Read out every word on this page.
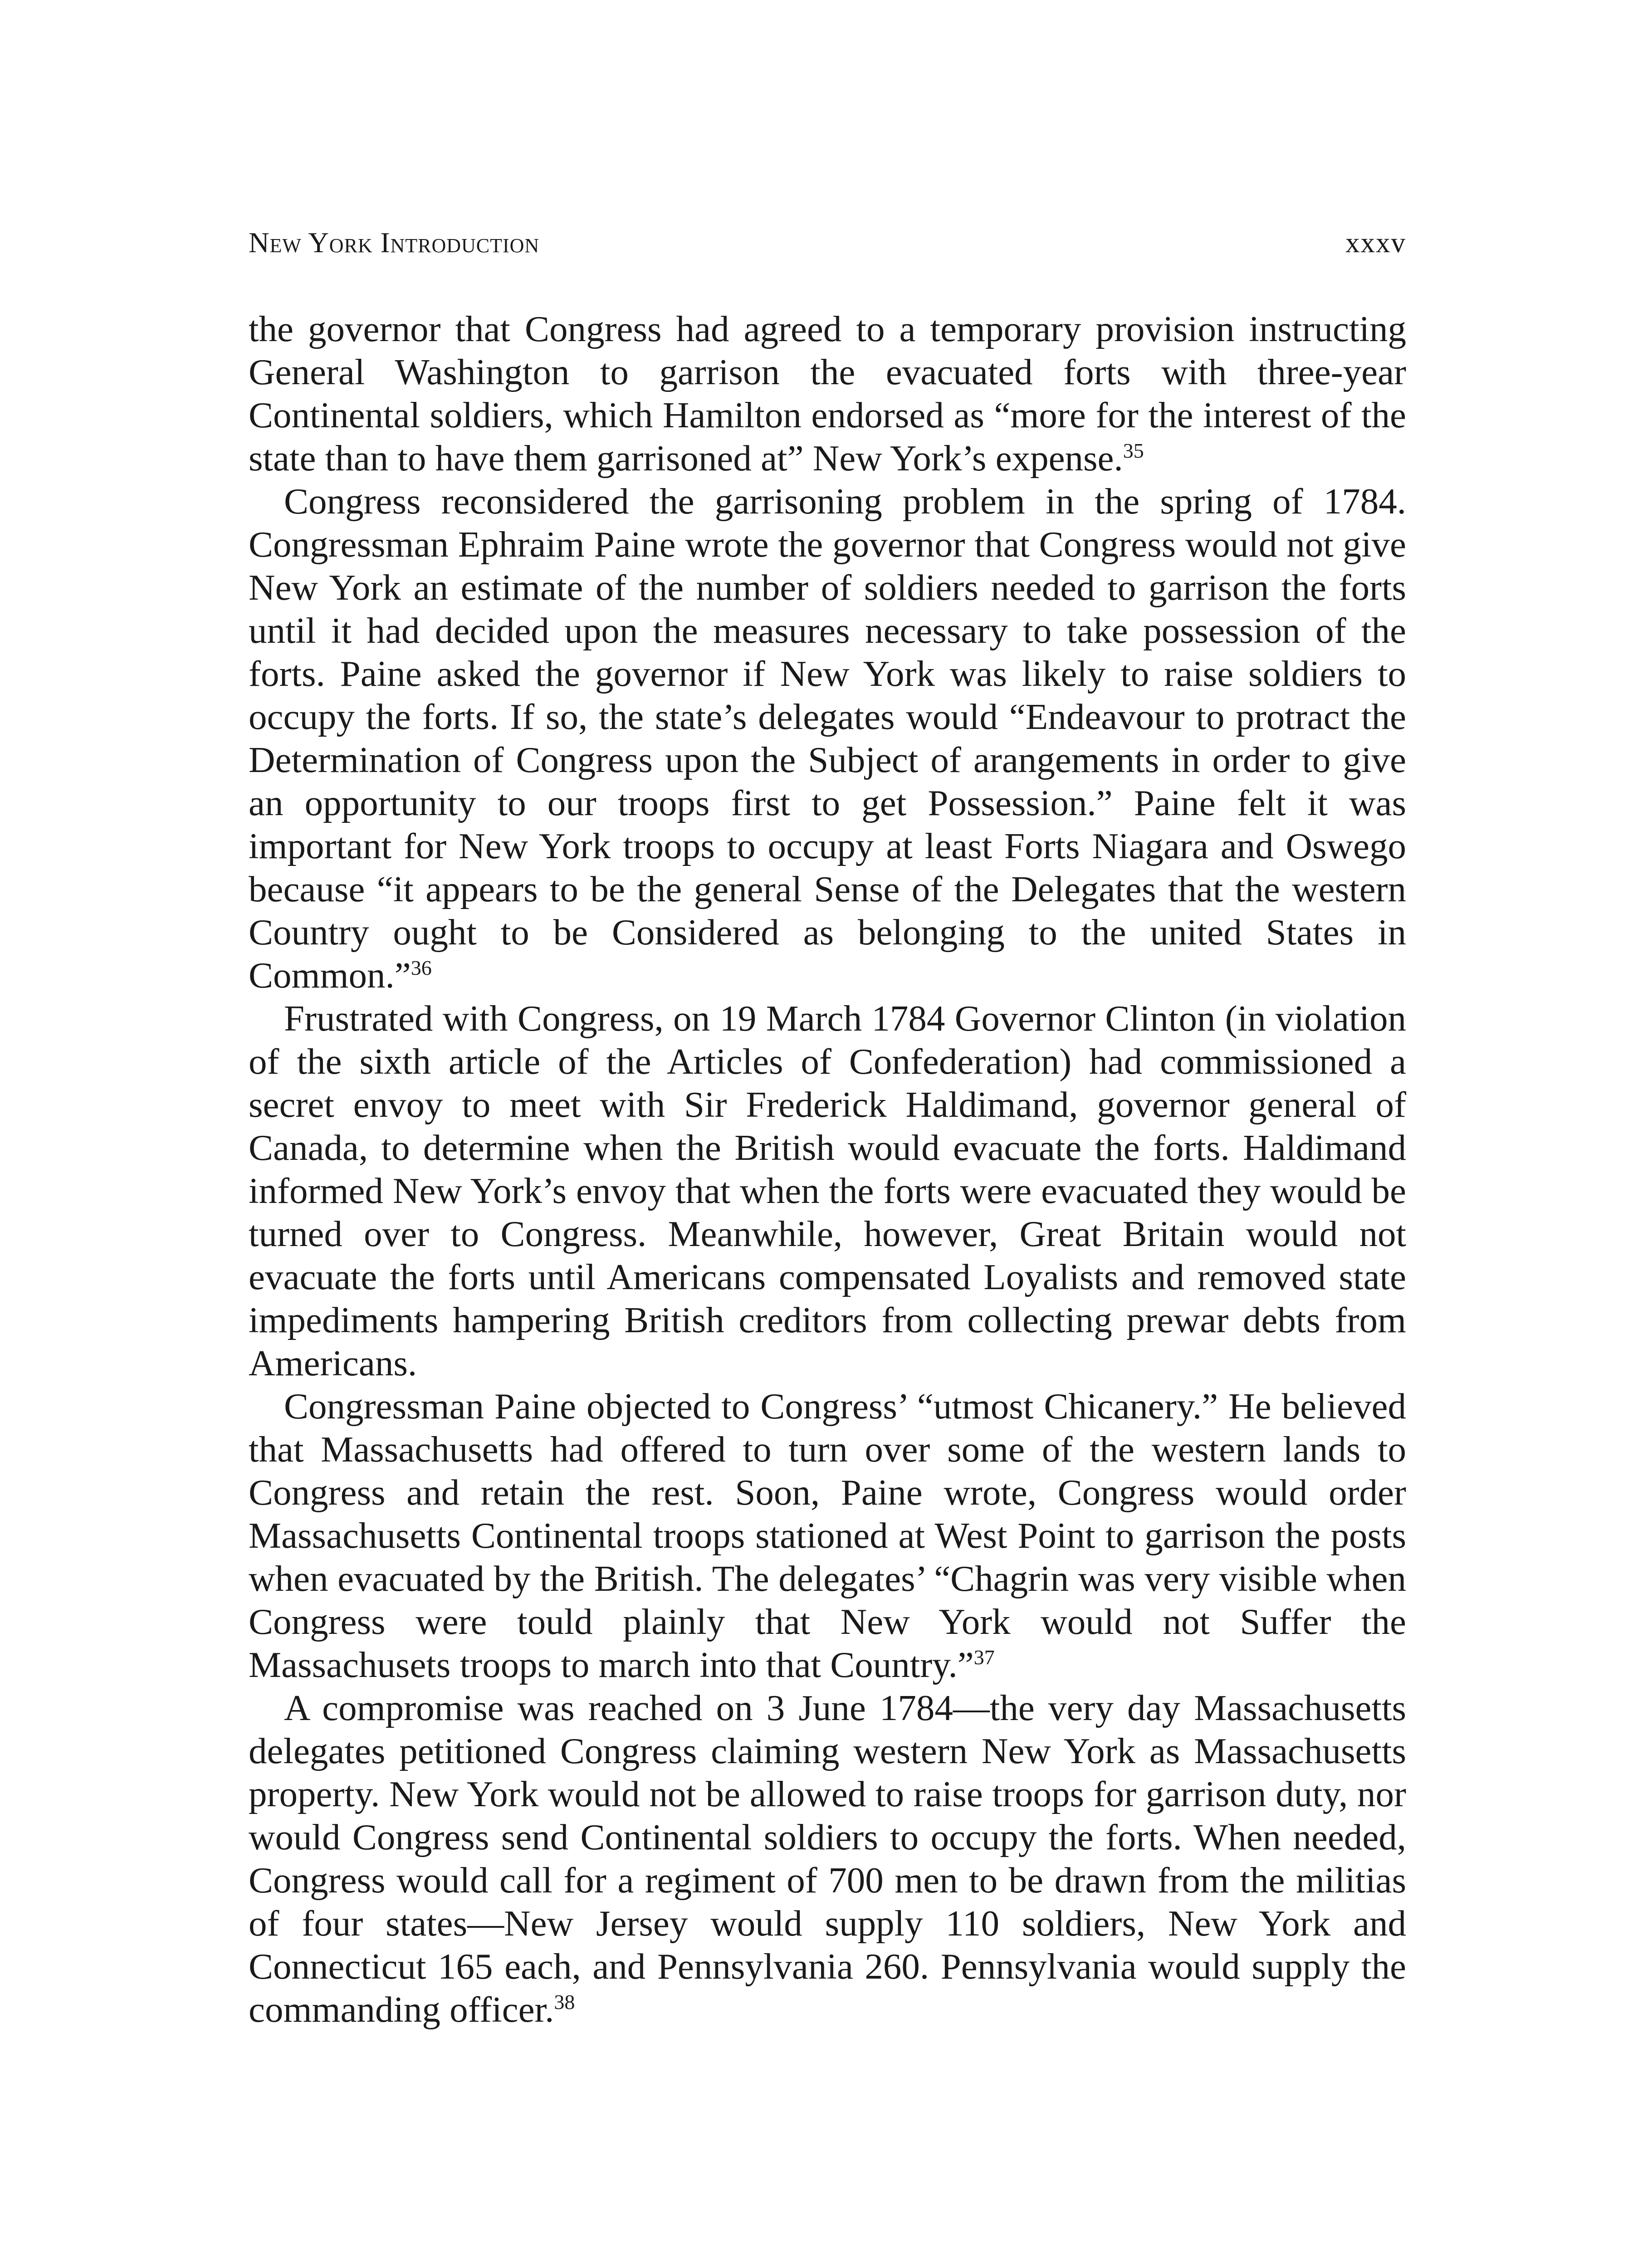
New York Introduction	xxxv

the governor that Congress had agreed to a temporary provision instructing General Washington to garrison the evacuated forts with three-year Continental soldiers, which Hamilton endorsed as “more for the interest of the state than to have them garrisoned at” New York’s expense.$^{35}$

Congress reconsidered the garrisoning problem in the spring of 1784. Congressman Ephraim Paine wrote the governor that Congress would not give New York an estimate of the number of soldiers needed to garrison the forts until it had decided upon the measures necessary to take possession of the forts. Paine asked the governor if New York was likely to raise soldiers to occupy the forts. If so, the state’s delegates would “Endeavour to protract the Determination of Congress upon the Subject of arangements in order to give an opportunity to our troops first to get Possession.” Paine felt it was important for New York troops to occupy at least Forts Niagara and Oswego because “it appears to be the general Sense of the Delegates that the western Country ought to be Considered as belonging to the united States in Common.”$^{36}$

Frustrated with Congress, on 19 March 1784 Governor Clinton (in violation of the sixth article of the Articles of Confederation) had commissioned a secret envoy to meet with Sir Frederick Haldimand, governor general of Canada, to determine when the British would evacuate the forts. Haldimand informed New York’s envoy that when the forts were evacuated they would be turned over to Congress. Meanwhile, however, Great Britain would not evacuate the forts until Americans compensated Loyalists and removed state impediments hampering British creditors from collecting prewar debts from Americans.

Congressman Paine objected to Congress’ “utmost Chicanery.” He believed that Massachusetts had offered to turn over some of the western lands to Congress and retain the rest. Soon, Paine wrote, Congress would order Massachusetts Continental troops stationed at West Point to garrison the posts when evacuated by the British. The delegates’ “Chagrin was very visible when Congress were tould plainly that New York would not Suffer the Massachusets troops to march into that Country.”$^{37}$

A compromise was reached on 3 June 1784—the very day Massachusetts delegates petitioned Congress claiming western New York as Massachusetts property. New York would not be allowed to raise troops for garrison duty, nor would Congress send Continental soldiers to occupy the forts. When needed, Congress would call for a regiment of 700 men to be drawn from the militias of four states—New Jersey would supply 110 soldiers, New York and Connecticut 165 each, and Pennsylvania 260. Pennsylvania would supply the commanding officer.$^{38}$
